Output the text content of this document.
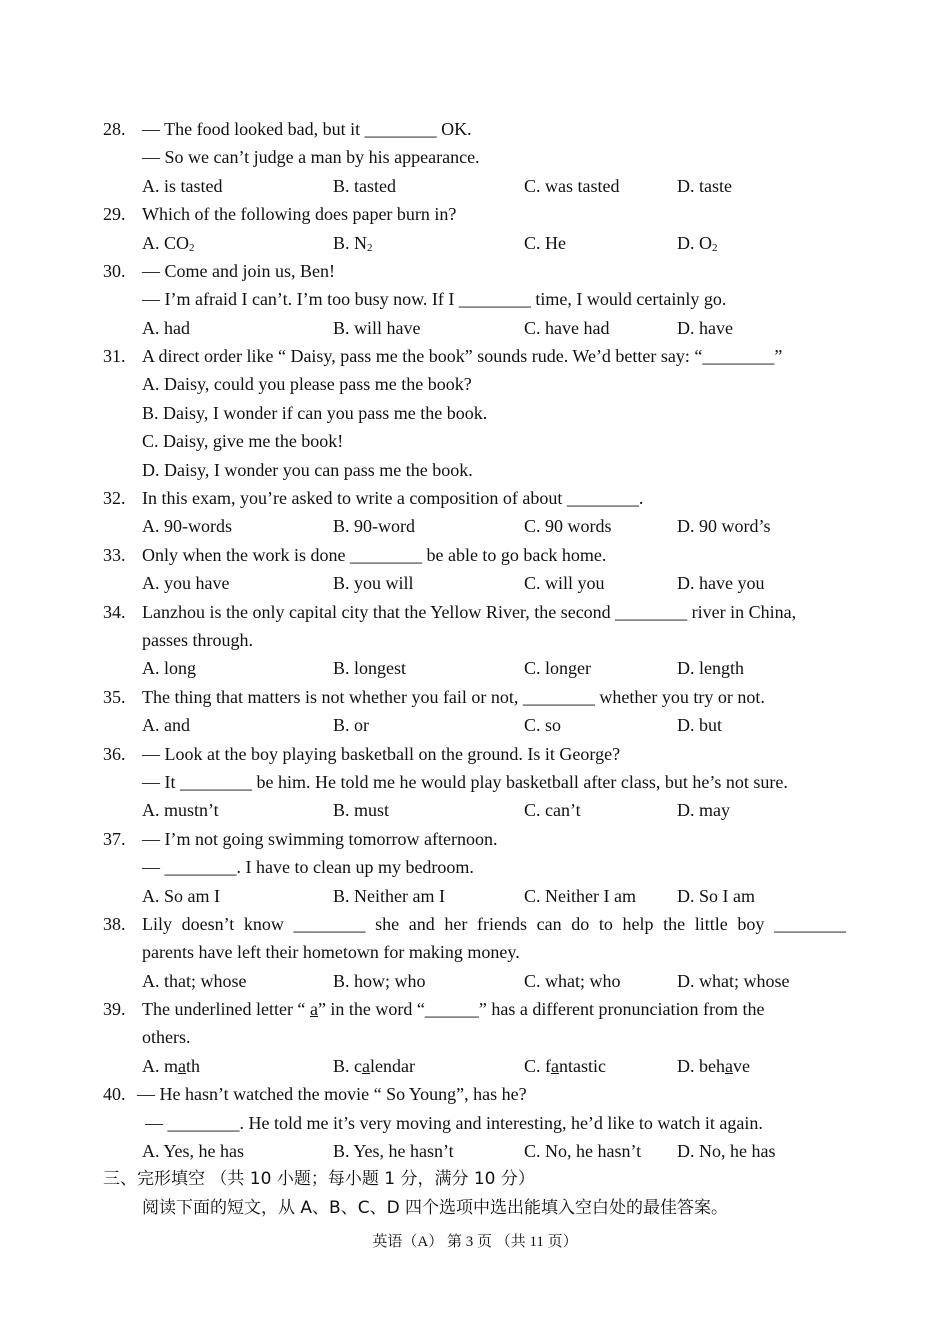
28. — The food looked bad, but it ________ OK.
— So we can’t judge a man by his appearance.
A. is tasted	B. tasted	C. was tasted	D. taste
29. Which of the following does paper burn in?
A. $CO_2$	B. $N_2$	C. He	D. $O_2$
30. — Come and join us, Ben!
— I’m afraid I can’t. I’m too busy now. If I ________ time, I would certainly go.
A. had	B. will have	C. have had	D. have
31. A direct order like “ Daisy, pass me the book” sounds rude. We’d better say: “________”
A. Daisy, could you please pass me the book?
B. Daisy, I wonder if can you pass me the book.
C. Daisy, give me the book!
D. Daisy, I wonder you can pass me the book.
32. In this exam, you’re asked to write a composition of about ________.
A. 90-words	B. 90-word	C. 90 words	D. 90 word’s
33. Only when the work is done ________ be able to go back home.
A. you have	B. you will	C. will you	D. have you
34. Lanzhou is the only capital city that the Yellow River, the second ________ river in China,
passes through.
A. long	B. longest	C. longer	D. length
35. The thing that matters is not whether you fail or not, ________ whether you try or not.
A. and	B. or	C. so	D. but
36. — Look at the boy playing basketball on the ground. Is it George?
— It ________ be him. He told me he would play basketball after class, but he’s not sure.
A. mustn’t	B. must	C. can’t	D. may
37. — I’m not going swimming tomorrow afternoon.
— ________. I have to clean up my bedroom.
A. So am I	B. Neither am I	C. Neither I am D. So I am
38. Lily doesn’t know ________ she and her friends can do to help the little boy ________
parents have left their hometown for making money.
A. that; whose	B. how; who	C. what; who	D. what; whose
39. The underlined letter “ a” in the word “______” has a different pronunciation from the
others.
A. math	B. calendar	C. fantastic	D. behave
40. — He hasn’t watched the movie “ So Young”, has he?
— ________. He told me it’s very moving and interesting, he’d like to watch it again.
A. Yes, he has	B. Yes, he hasn’t	C. No, he hasn’t D. No, he has
三、完形填空 （共 10 小题；每小题 1 分，满分 10 分）
阅读下面的短文，从 A、B、C、D 四个选项中选出能填入空白处的最佳答案。
英语（A） 第 3 页 （共 11 页）
